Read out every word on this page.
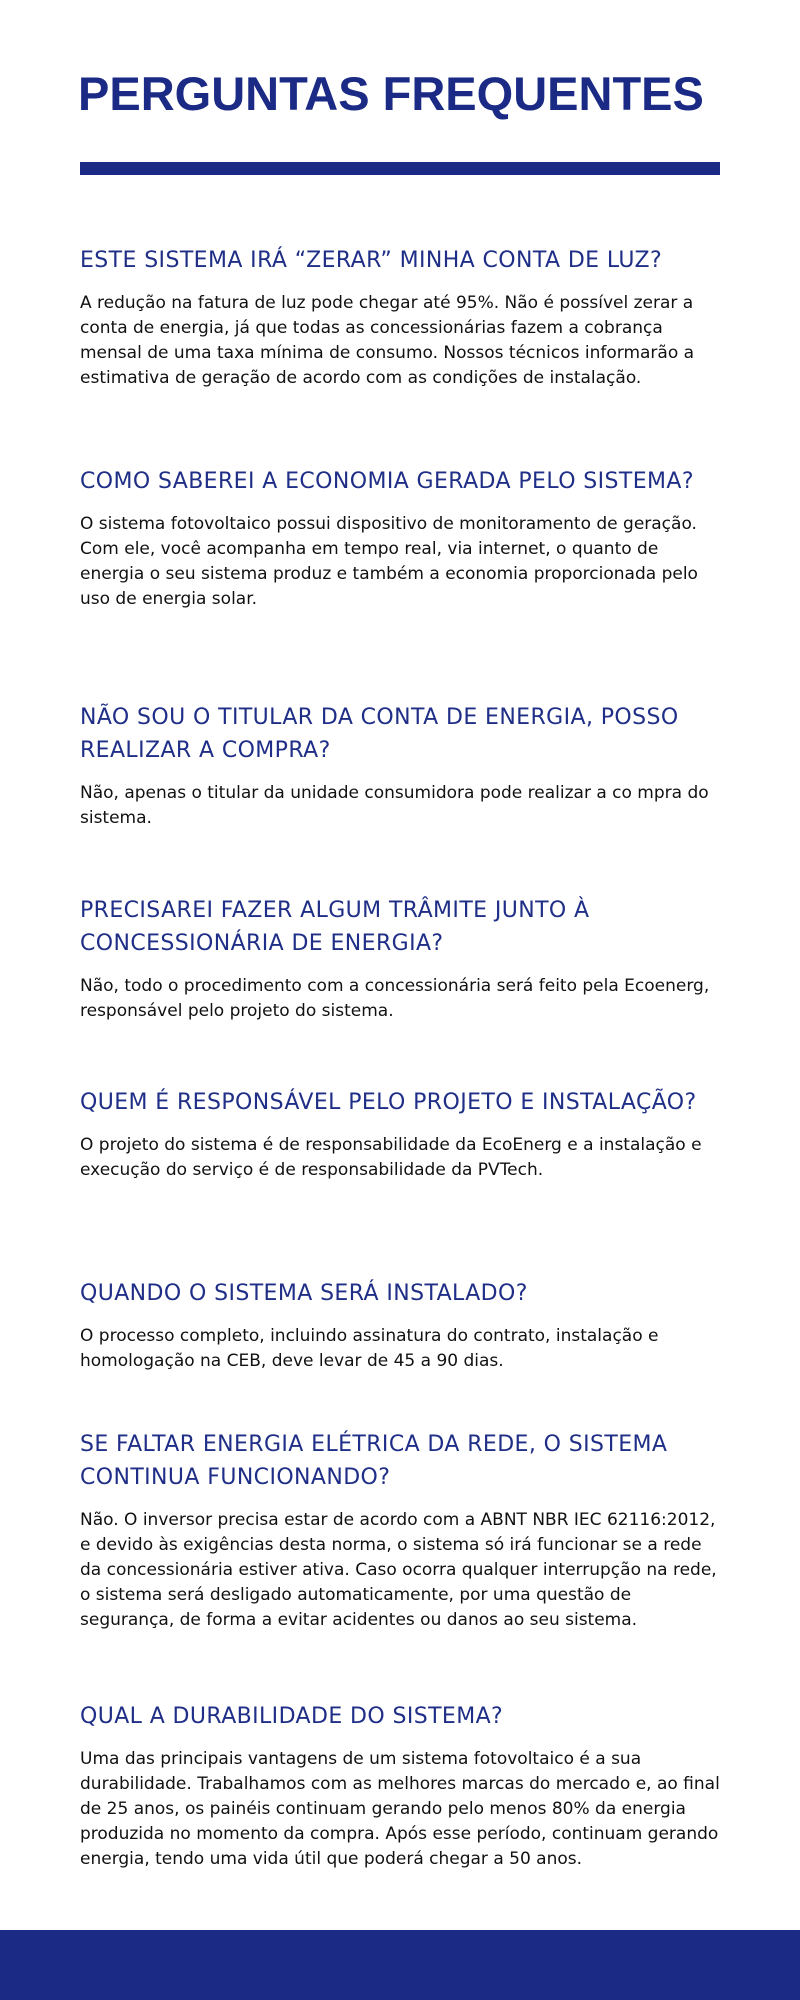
PERGUNTAS FREQUENTES
ESTE SISTEMA IRÁ “ZERAR” MINHA CONTA DE LUZ?

A redução na fatura de luz pode chegar até 95%. Não é possível zerar a conta de energia, já que todas as concessionárias fazem a cobrança mensal de uma taxa mínima de consumo. Nossos técnicos informarão a estimativa de geração de acordo com as condições de instalação.

COMO SABEREI A ECONOMIA GERADA PELO SISTEMA?

O sistema fotovoltaico possui dispositivo de monitoramento de geração. Com ele, você acompanha em tempo real, via internet, o quanto de energia o seu sistema produz e também a economia proporcionada pelo uso de energia solar.

NÃO SOU O TITULAR DA CONTA DE ENERGIA, POSSO REALIZAR A COMPRA?

Não, apenas o titular da unidade consumidora pode realizar a co mpra do sistema.

PRECISAREI FAZER ALGUM TRÂMITE JUNTO À CONCESSIONÁRIA DE ENERGIA?

Não, todo o procedimento com a concessionária será feito pela Ecoenerg, responsável pelo projeto do sistema.

QUEM É RESPONSÁVEL PELO PROJETO E INSTALAÇÃO?

O projeto do sistema é de responsabilidade da EcoEnerg e a instalação e execução do serviço é de responsabilidade da PVTech.

QUANDO O SISTEMA SERÁ INSTALADO?

O processo completo, incluindo assinatura do contrato, instalação e homologação na CEB, deve levar de 45 a 90 dias.

SE FALTAR ENERGIA ELÉTRICA DA REDE, O SISTEMA CONTINUA FUNCIONANDO?

Não. O inversor precisa estar de acordo com a ABNT NBR IEC 62116:2012, e devido às exigências desta norma, o sistema só irá funcionar se a rede da concessionária estiver ativa. Caso ocorra qualquer interrupção na rede, o sistema será desligado automaticamente, por uma questão de segurança, de forma a evitar acidentes ou danos ao seu sistema.

QUAL A DURABILIDADE DO SISTEMA?

Uma das principais vantagens de um sistema fotovoltaico é a sua durabilidade. Trabalhamos com as melhores marcas do mercado e, ao final de 25 anos, os painéis continuam gerando pelo menos 80% da energia produzida no momento da compra. Após esse período, continuam gerando energia, tendo uma vida útil que poderá chegar a 50 anos.
